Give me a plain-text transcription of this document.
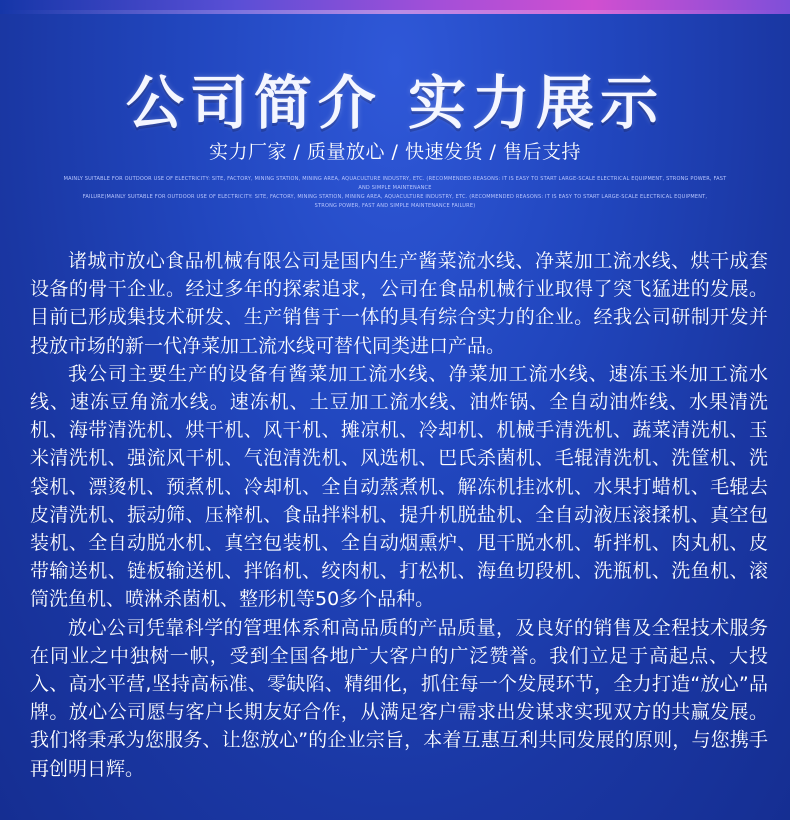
公司简介 实力展示
实力厂家 / 质量放心 / 快速发货 / 售后支持
MAINLY SUITABLE FOR OUTDOOR USE OF ELECTRICITY: SITE, FACTORY, MINING STATION, MINING AREA, AQUACULTURE INDUSTRY, ETC. (RECOMMENDED REASONS: IT IS EASY TO START LARGE-SCALE ELECTRICAL EQUIPMENT, STRONG POWER, FAST AND SIMPLE MAINTENANCE
FAILURE)MAINLY SUITABLE FOR OUTDOOR USE OF ELECTRICITY: SITE, FACTORY, MINING STATION, MINING AREA, AQUACULTURE INDUSTRY, ETC. (RECOMMENDED REASONS: IT IS EASY TO START LARGE-SCALE ELECTRICAL EQUIPMENT,
STRONG POWER, FAST AND SIMPLE MAINTENANCE FAILURE)

诸城市放心食品机械有限公司是国内生产酱菜流水线、净菜加工流水线、烘干成套设备的骨干企业。经过多年的探索追求，公司在食品机械行业取得了突飞猛进的发展。目前已形成集技术研发、生产销售于一体的具有综合实力的企业。经我公司研制开发并投放市场的新一代净菜加工流水线可替代同类进口产品。

我公司主要生产的设备有酱菜加工流水线、净菜加工流水线、速冻玉米加工流水线、速冻豆角流水线。速冻机、土豆加工流水线、油炸锅、全自动油炸线、水果清洗机、海带清洗机、烘干机、风干机、摊凉机、冷却机、机械手清洗机、蔬菜清洗机、玉米清洗机、强流风干机、气泡清洗机、风选机、巴氏杀菌机、毛辊清洗机、洗筐机、洗袋机、漂烫机、预煮机、冷却机、全自动蒸煮机、解冻机挂冰机、水果打蜡机、毛辊去皮清洗机、振动筛、压榨机、食品拌料机、提升机脱盐机、全自动液压滚揉机、真空包装机、全自动脱水机、真空包装机、全自动烟熏炉、甩干脱水机、斩拌机、肉丸机、皮带输送机、链板输送机、拌馅机、绞肉机、打松机、海鱼切段机、洗瓶机、洗鱼机、滚筒洗鱼机、喷淋杀菌机、整形机等50多个品种。

放心公司凭靠科学的管理体系和高品质的产品质量，及良好的销售及全程技术服务在同业之中独树一帜，受到全国各地广大客户的广泛赞誉。我们立足于高起点、大投入、高水平营,坚持高标准、零缺陷、精细化，抓住每一个发展环节，全力打造“放心”品牌。放心公司愿与客户长期友好合作，从满足客户需求出发谋求实现双方的共赢发展。我们将秉承为您服务、让您放心”的企业宗旨，本着互惠互利共同发展的原则，与您携手再创明日辉。
